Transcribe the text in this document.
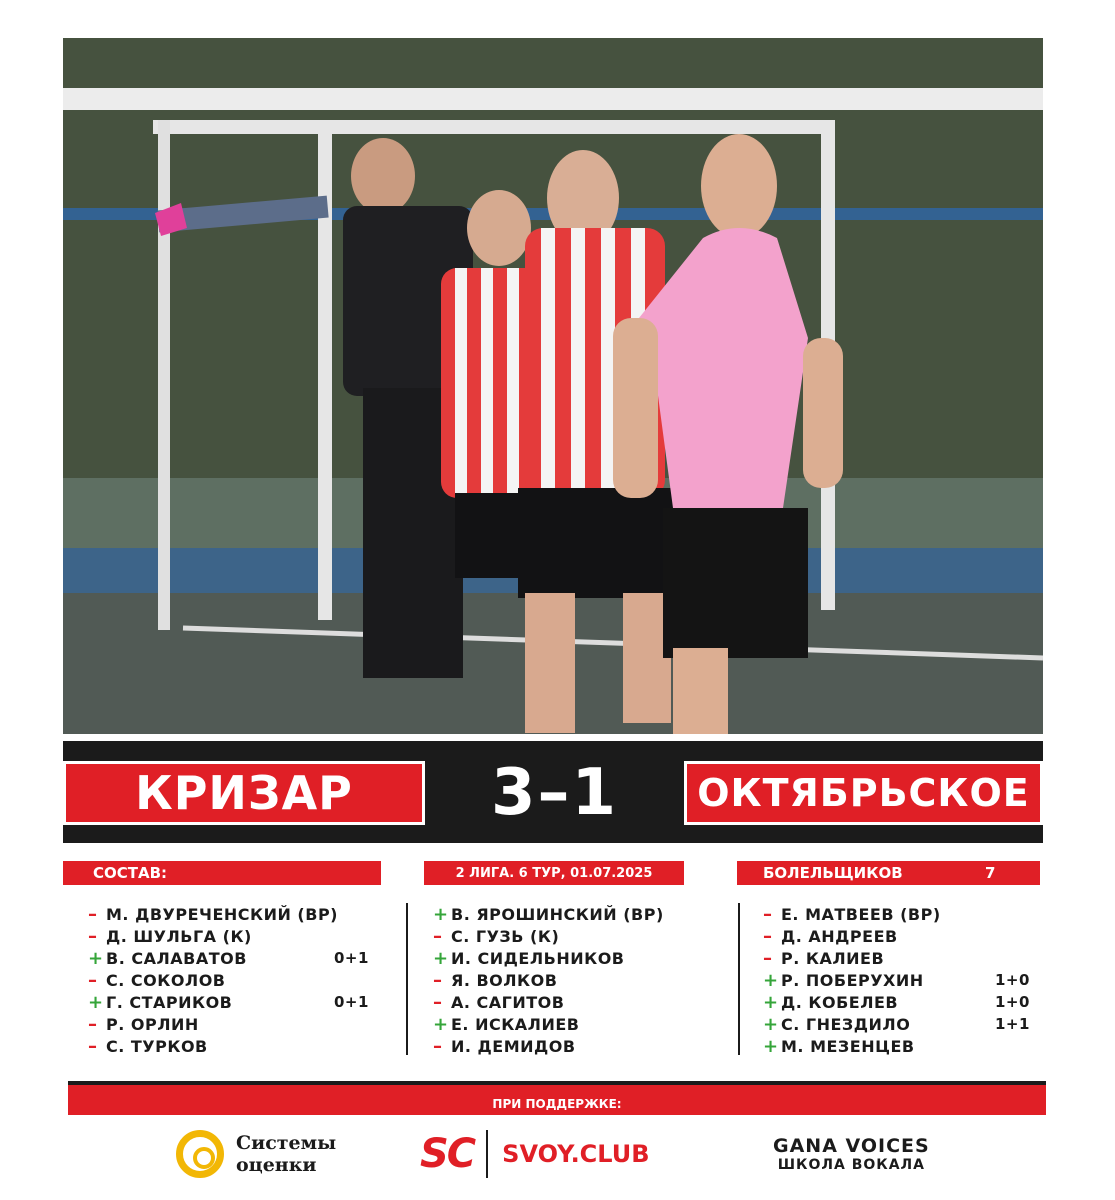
КРИЗАР	3–1	ОКТЯБРЬСКОЕ
СОСТАВ:	2 ЛИГА. 6 ТУР, 01.07.2025	БОЛЕЛЬЩИКОВ	7
– М. ДВУРЕЧЕНСКИЙ (ВР)
– Д. ШУЛЬГА (К)
+ В. САЛАВАТОВ	0+1
– С. СОКОЛОВ
+ Г. СТАРИКОВ	0+1
– Р. ОРЛИН
– С. ТУРКОВ
+ В. ЯРОШИНСКИЙ (ВР)
– С. ГУЗЬ (К)
+ И. СИДЕЛЬНИКОВ
– Я. ВОЛКОВ
– А. САГИТОВ
+ Е. ИСКАЛИЕВ
– И. ДЕМИДОВ
– Е. МАТВЕЕВ (ВР)
– Д. АНДРЕЕВ
– Р. КАЛИЕВ
+ Р. ПОБЕРУХИН	1+0
+ Д. КОБЕЛЕВ	1+0
+ С. ГНЕЗДИЛО	1+1
+ М. МЕЗЕНЦЕВ
ПРИ ПОДДЕРЖКЕ:
Системы
оценки	SC SVOY.CLUB	GANA VOICES
ШКОЛА ВОКАЛА
